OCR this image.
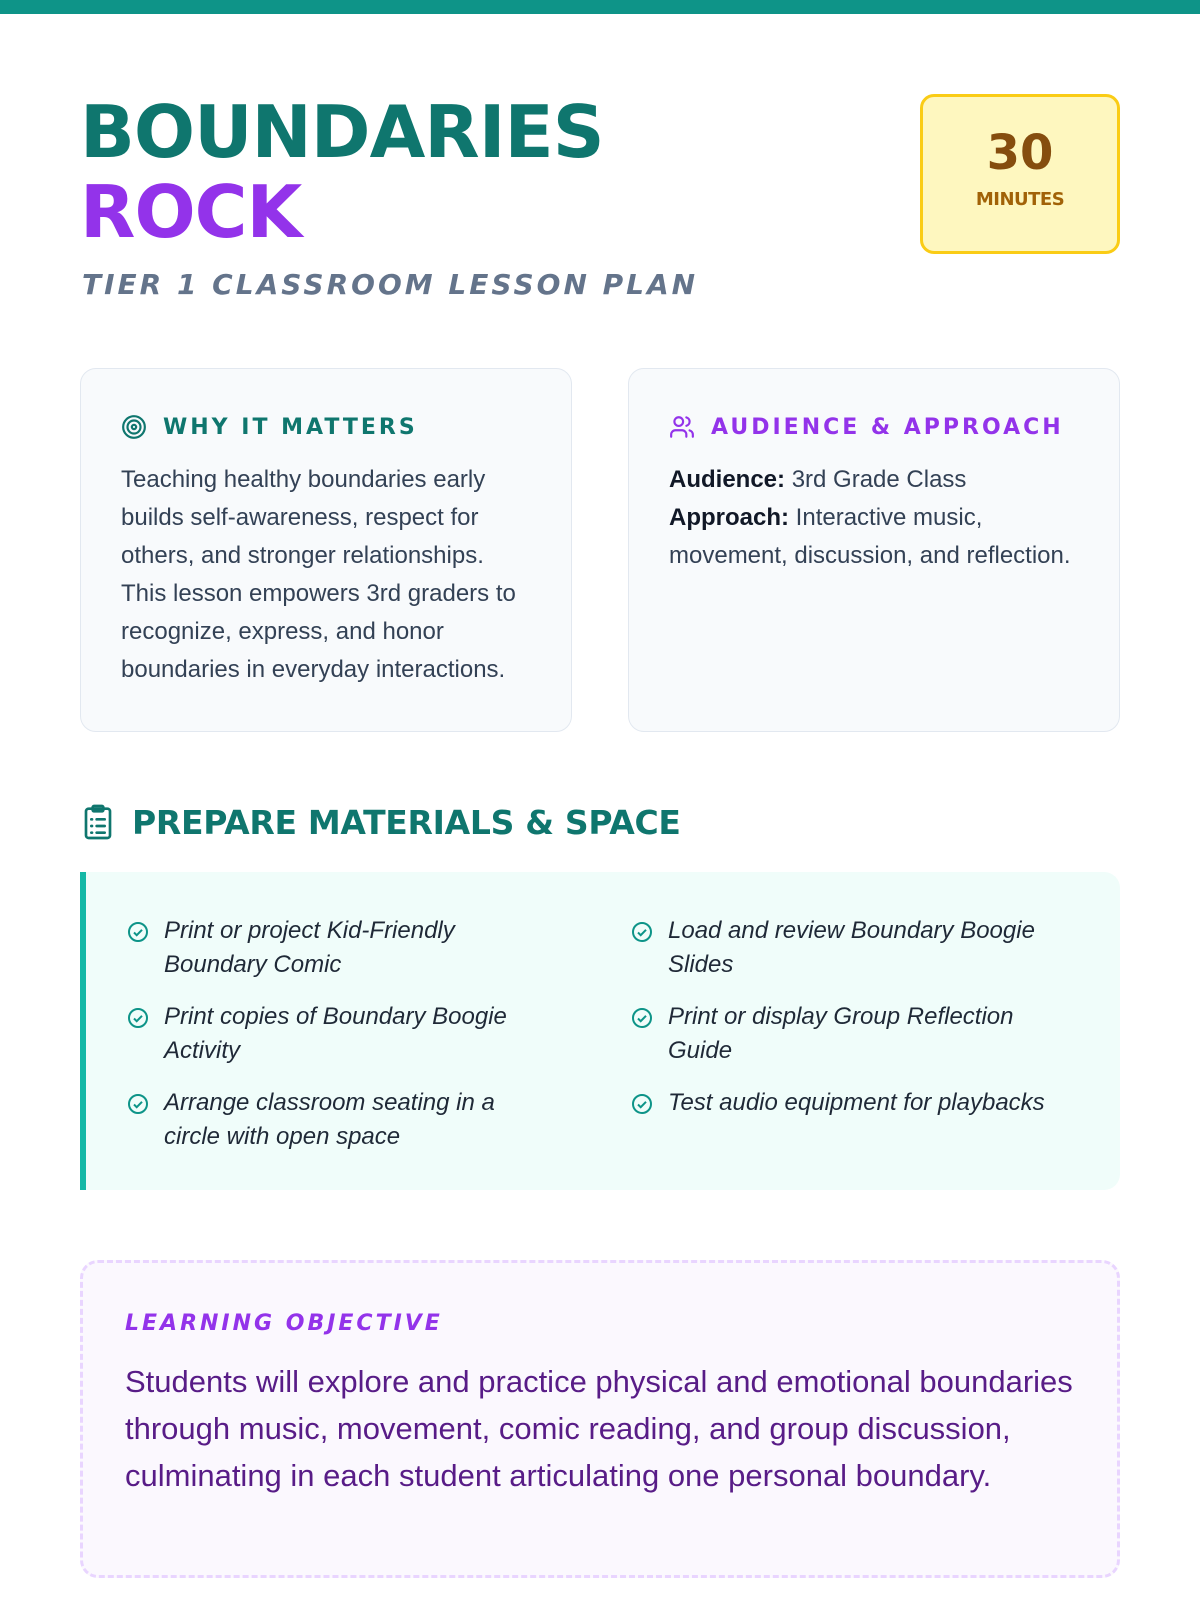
BOUNDARIES
ROCK
TIER 1 CLASSROOM LESSON PLAN
30
MINUTES
WHY IT MATTERS

Teaching healthy boundaries early builds self-awareness, respect for others, and stronger relationships. This lesson empowers 3rd graders to recognize, express, and honor boundaries in everyday interactions.

AUDIENCE & APPROACH
Audience: 3rd Grade Class
Approach: Interactive music, movement, discussion, and reflection.
PREPARE MATERIALS & SPACE
Print or project Kid-Friendly Boundary Comic
Load and review Boundary Boogie Slides
Print copies of Boundary Boogie Activity
Print or display Group Reflection Guide
Arrange classroom seating in a circle with open space
Test audio equipment for playbacks
LEARNING OBJECTIVE

Students will explore and practice physical and emotional boundaries through music, movement, comic reading, and group discussion, culminating in each student articulating one personal boundary.
